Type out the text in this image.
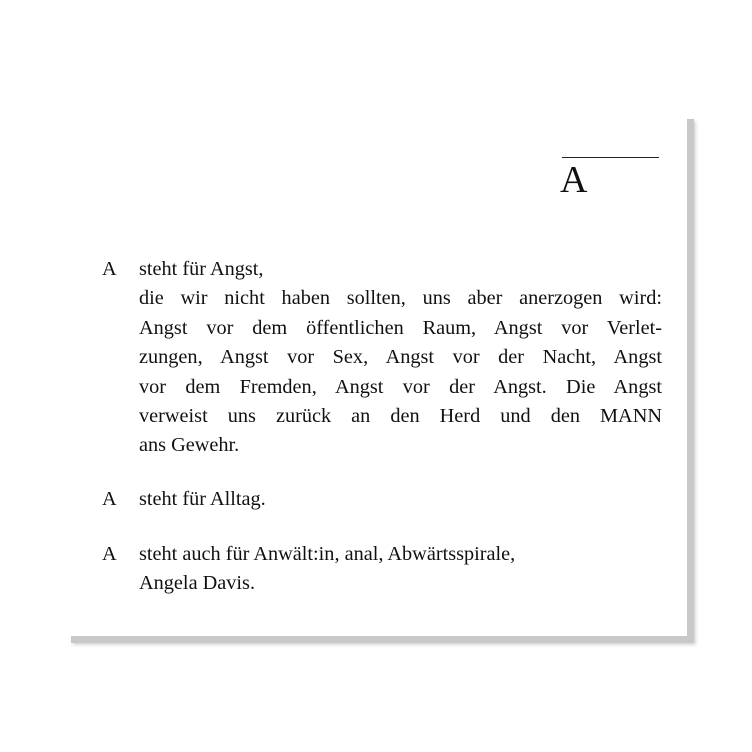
A
A steht für Angst,
die wir nicht haben sollten, uns aber anerzogen wird:
Angst vor dem öffentlichen Raum, Angst vor Verlet-
zungen, Angst vor Sex, Angst vor der Nacht, Angst
vor dem Fremden, Angst vor der Angst. Die Angst
verweist uns zurück an den Herd und den MANN
ans Gewehr.
A steht für Alltag.
A steht auch für Anwält:in, anal, Abwärtsspirale,
Angela Davis.
